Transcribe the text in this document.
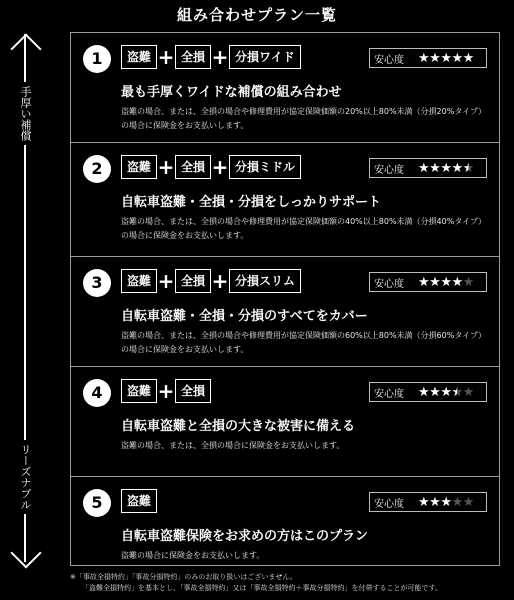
組み合わせプラン一覧
手厚い補償
リーズナブル
1	盗難 + 全損 + 分損ワイド	安心度	★ ★ ★ ★ ★
最も手厚くワイドな補償の組み合わせ
盗難の場合、または、全損の場合や修理費用が協定保険価額の20%以上80%未満（分損20%タイプ）の場合に保険金をお支払いします。
2	盗難 + 全損 + 分損ミドル	安心度	★ ★ ★ ★ ★
自転車盗難・全損・分損をしっかりサポート
盗難の場合、または、全損の場合や修理費用が協定保険価額の40%以上80%未満（分損40%タイプ）の場合に保険金をお支払いします。
3	盗難 + 全損 + 分損スリム	安心度	★ ★ ★ ★ ★
自転車盗難・全損・分損のすべてをカバー
盗難の場合、または、全損の場合や修理費用が協定保険価額の60%以上80%未満（分損60%タイプ）の場合に保険金をお支払いします。
4	盗難 + 全損	安心度	★ ★ ★ ★ ★
自転車盗難と全損の大きな被害に備える
盗難の場合、または、全損の場合に保険金をお支払いします。
5	盗難	安心度	★ ★ ★ ★ ★
自転車盗難保険をお求めの方はこのプラン
盗難の場合に保険金をお支払いします。
※「事故全損特約」「事故分損特約」のみのお取り扱いはございません。
「盗難全損特約」を基本とし、「事故全損特約」又は「事故全損特約＋事故分損特約」を付帯することが可能です。
